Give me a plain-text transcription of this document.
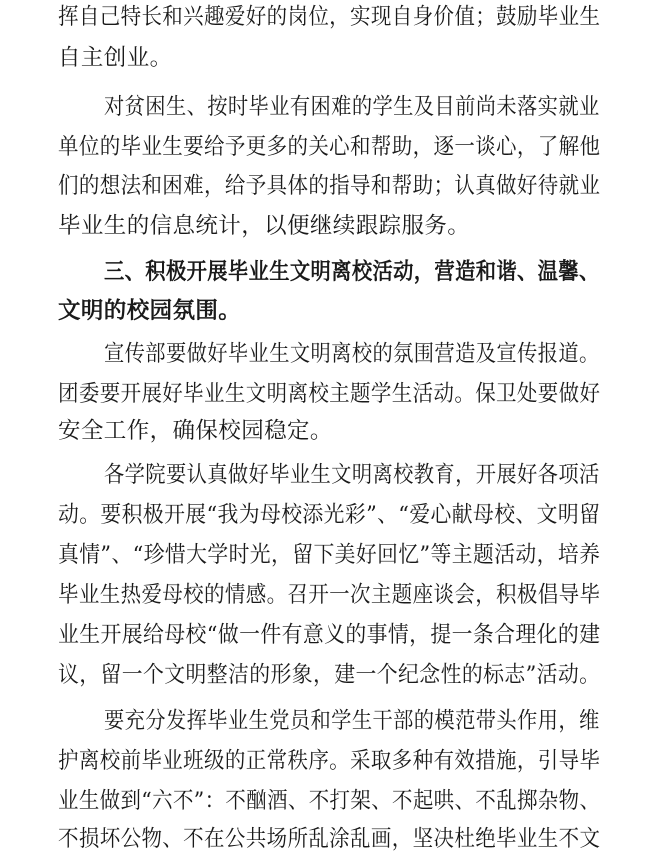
挥自己特长和兴趣爱好的岗位，实现自身价值；鼓励毕业生
自主创业。
对贫困生、按时毕业有困难的学生及目前尚未落实就业
单位的毕业生要给予更多的关心和帮助，逐一谈心，了解他
们的想法和困难，给予具体的指导和帮助；认真做好待就业
毕业生的信息统计，以便继续跟踪服务。
三、积极开展毕业生文明离校活动，营造和谐、温馨、
文明的校园氛围。
宣传部要做好毕业生文明离校的氛围营造及宣传报道。
团委要开展好毕业生文明离校主题学生活动。保卫处要做好
安全工作，确保校园稳定。
各学院要认真做好毕业生文明离校教育，开展好各项活
动。要积极开展“我为母校添光彩”、“爱心献母校、文明留
真情”、“珍惜大学时光，留下美好回忆”等主题活动，培养
毕业生热爱母校的情感。召开一次主题座谈会，积极倡导毕
业生开展给母校“做一件有意义的事情，提一条合理化的建
议，留一个文明整洁的形象，建一个纪念性的标志”活动。
要充分发挥毕业生党员和学生干部的模范带头作用，维
护离校前毕业班级的正常秩序。采取多种有效措施，引导毕
业生做到“六不”：不酗酒、不打架、不起哄、不乱掷杂物、
不损坏公物、不在公共场所乱涂乱画，坚决杜绝毕业生不文
